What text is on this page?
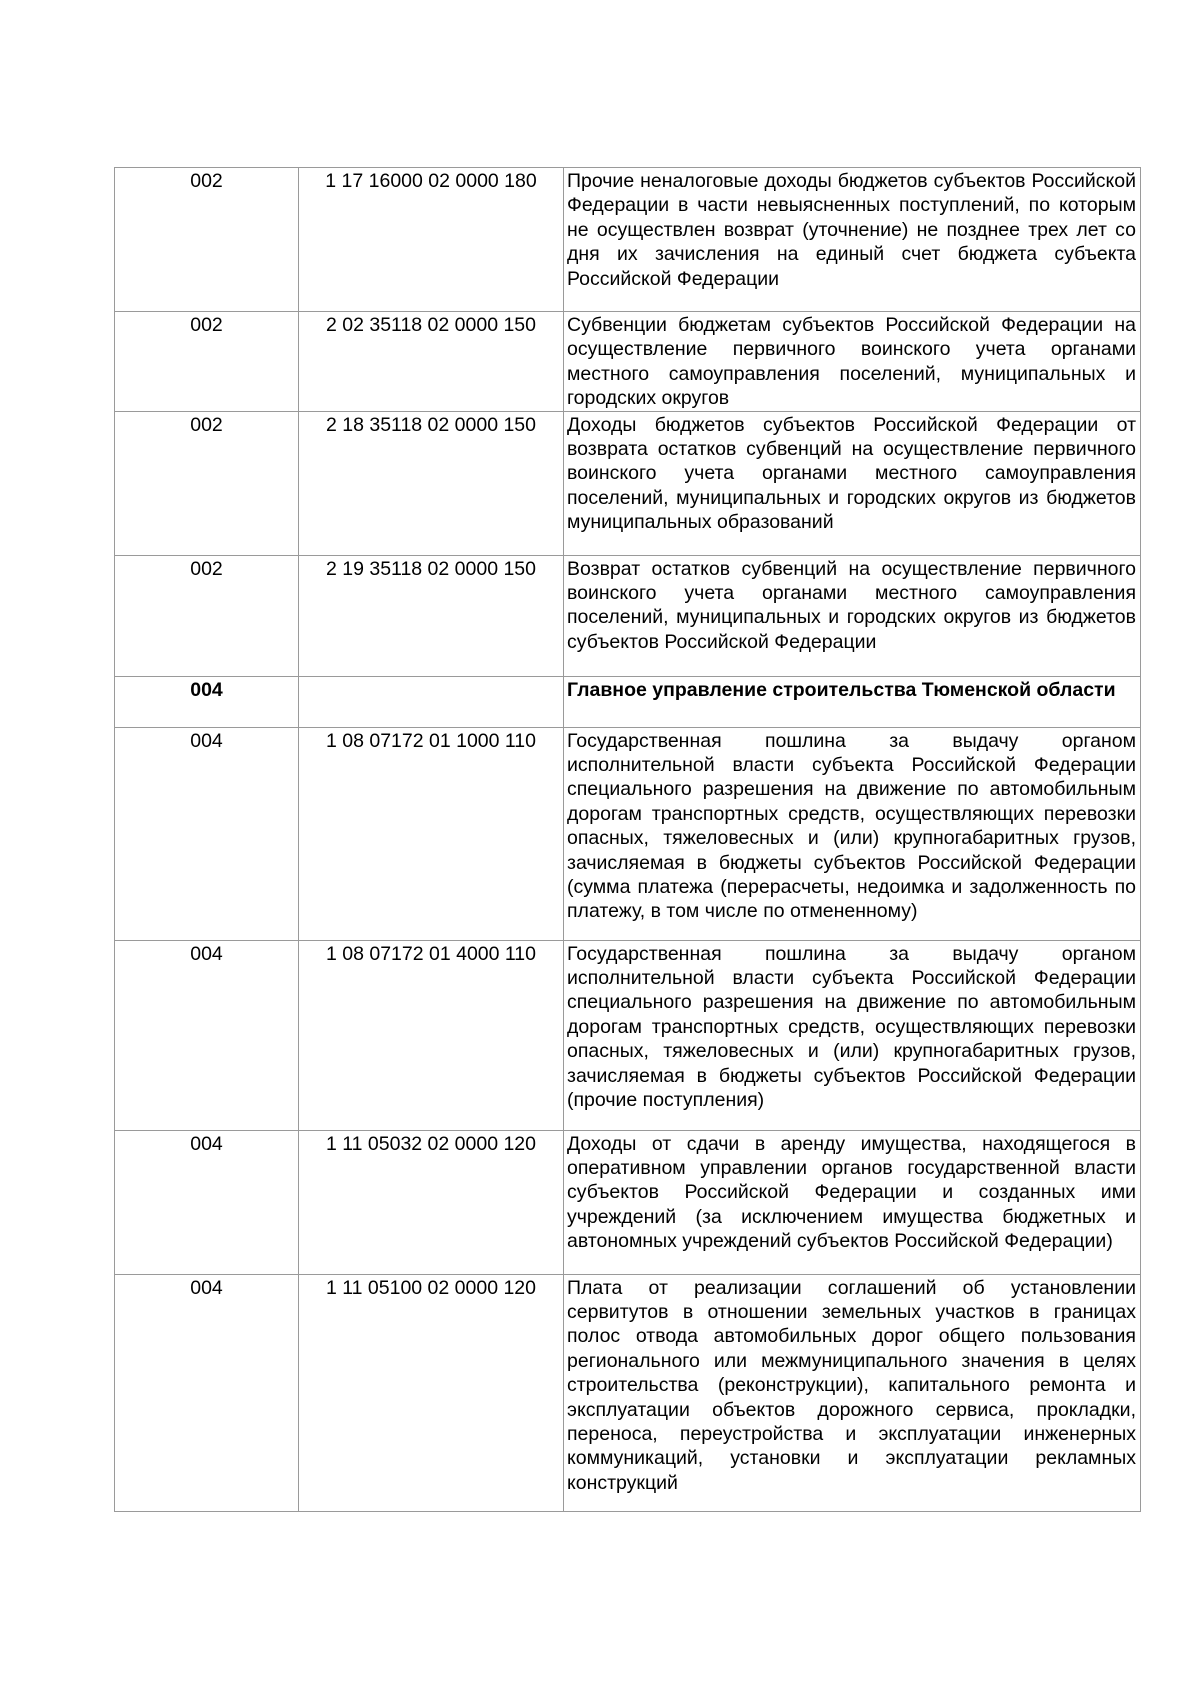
002	1 17 16000 02 0000 180	Прочие неналоговые доходы бюджетов субъектов Российской Федерации в части невыясненных поступлений, по которым не осуществлен возврат (уточнение) не позднее трех лет со дня их зачисления на единый счет бюджета субъекта Российской Федерации

002	2 02 35118 02 0000 150	Субвенции бюджетам субъектов Российской Федерации на осуществление первичного воинского учета органами местного самоуправления поселений, муниципальных и городских округов

002	2 18 35118 02 0000 150	Доходы бюджетов субъектов Российской Федерации от возврата остатков субвенций на осуществление первичного воинского учета органами местного самоуправления поселений, муниципальных и городских округов из бюджетов муниципальных образований

002	2 19 35118 02 0000 150	Возврат остатков субвенций на осуществление первичного воинского учета органами местного самоуправления поселений, муниципальных и городских округов из бюджетов субъектов Российской Федерации

004		Главное управление строительства Тюменской области

004	1 08 07172 01 1000 110	Государственная пошлина за выдачу органом исполнительной власти субъекта Российской Федерации специального разрешения на движение по автомобильным дорогам транспортных средств, осуществляющих перевозки опасных, тяжеловесных и (или) крупногабаритных грузов, зачисляемая в бюджеты субъектов Российской Федерации (сумма платежа (перерасчеты, недоимка и задолженность по платежу, в том числе по отмененному)

004	1 08 07172 01 4000 110	Государственная пошлина за выдачу органом исполнительной власти субъекта Российской Федерации специального разрешения на движение по автомобильным дорогам транспортных средств, осуществляющих перевозки опасных, тяжеловесных и (или) крупногабаритных грузов, зачисляемая в бюджеты субъектов Российской Федерации (прочие поступления)

004	1 11 05032 02 0000 120	Доходы от сдачи в аренду имущества, находящегося в оперативном управлении органов государственной власти субъектов Российской Федерации и созданных ими учреждений (за исключением имущества бюджетных и автономных учреждений субъектов Российской Федерации)

004	1 11 05100 02 0000 120	Плата от реализации соглашений об установлении сервитутов в отношении земельных участков в границах полос отвода автомобильных дорог общего пользования регионального или межмуниципального значения в целях строительства (реконструкции), капитального ремонта и эксплуатации объектов дорожного сервиса, прокладки, переноса, переустройства и эксплуатации инженерных коммуникаций, установки и эксплуатации рекламных конструкций
